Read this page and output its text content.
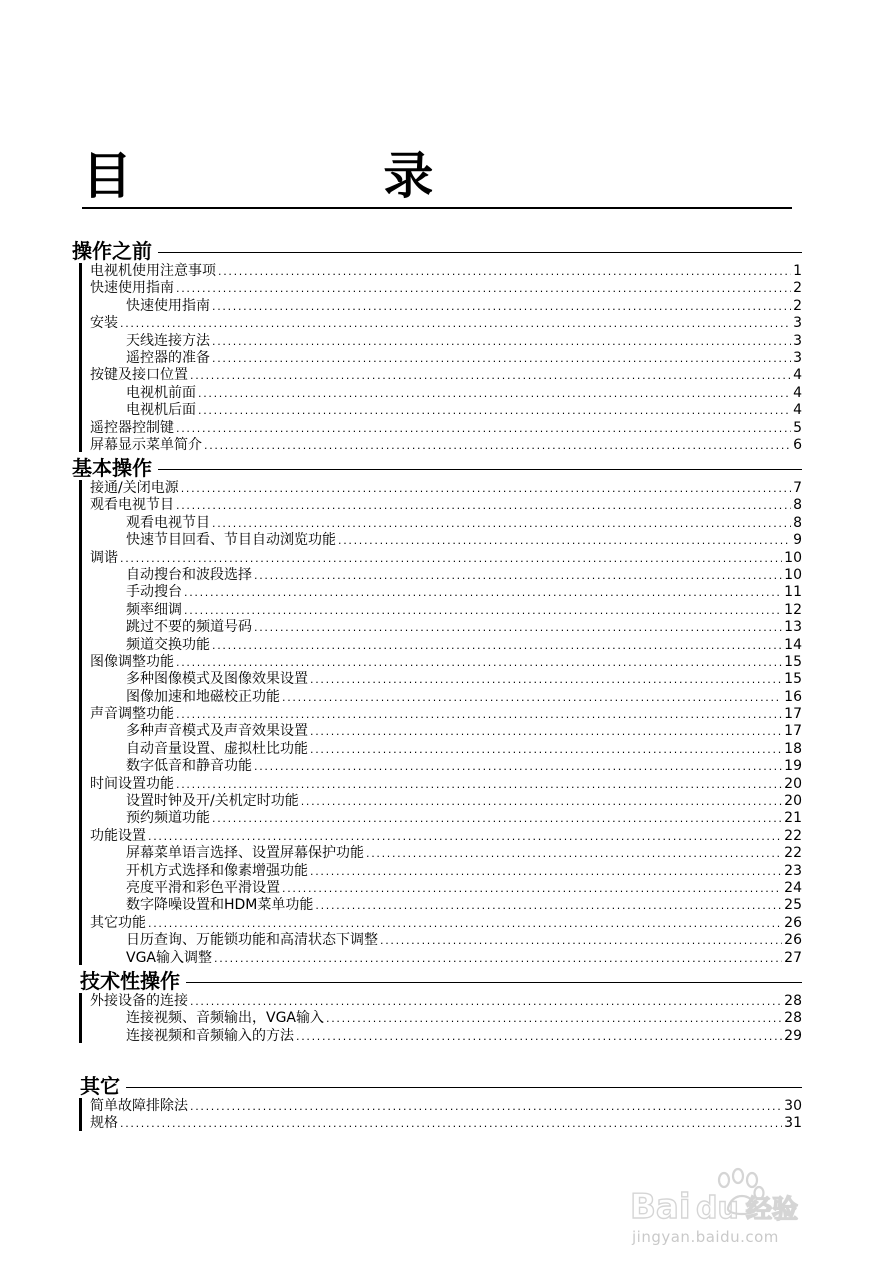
目 录
操作之前
电视机使用注意事项 .....	1
快速使用指南 .....	2
快速使用指南 .....	2
安装 .....	3
天线连接方法 .....	3
遥控器的准备 .....	3
按键及接口位置 .....	4
电视机前面 .....	4
电视机后面 .....	4
遥控器控制键 .....	5
屏幕显示菜单简介 .....	6
基本操作
接通/关闭电源 .....	7
观看电视节目 .....	8
观看电视节目 .....	8
快速节目回看、节目自动浏览功能 .....	9
调谐 .....	10
自动搜台和波段选择 .....	10
手动搜台 .....	11
频率细调 .....	12
跳过不要的频道号码 .....	13
频道交换功能 .....	14
图像调整功能 .....	15
多种图像模式及图像效果设置 .....	15
图像加速和地磁校正功能 .....	16
声音调整功能 .....	17
多种声音模式及声音效果设置 .....	17
自动音量设置、虚拟杜比功能 .....	18
数字低音和静音功能 .....	19
时间设置功能 .....	20
设置时钟及开/关机定时功能 .....	20
预约频道功能 .....	21
功能设置 .....	22
屏幕菜单语言选择、设置屏幕保护功能 .....	22
开机方式选择和像素增强功能 .....	23
亮度平滑和彩色平滑设置 .....	24
数字降噪设置和HDM菜单功能 .....	25
其它功能 .....	26
日历查询、万能锁功能和高清状态下调整 .....	26
VGA输入调整 .....	27
技术性操作
外接设备的连接 .....	28
连接视频、音频输出，VGA输入 .....	28
连接视频和音频输入的方法 .....	29
其它
简单故障排除法 .....	30
规格 .....	31
Bai du 经验
jingyan.baidu.com
